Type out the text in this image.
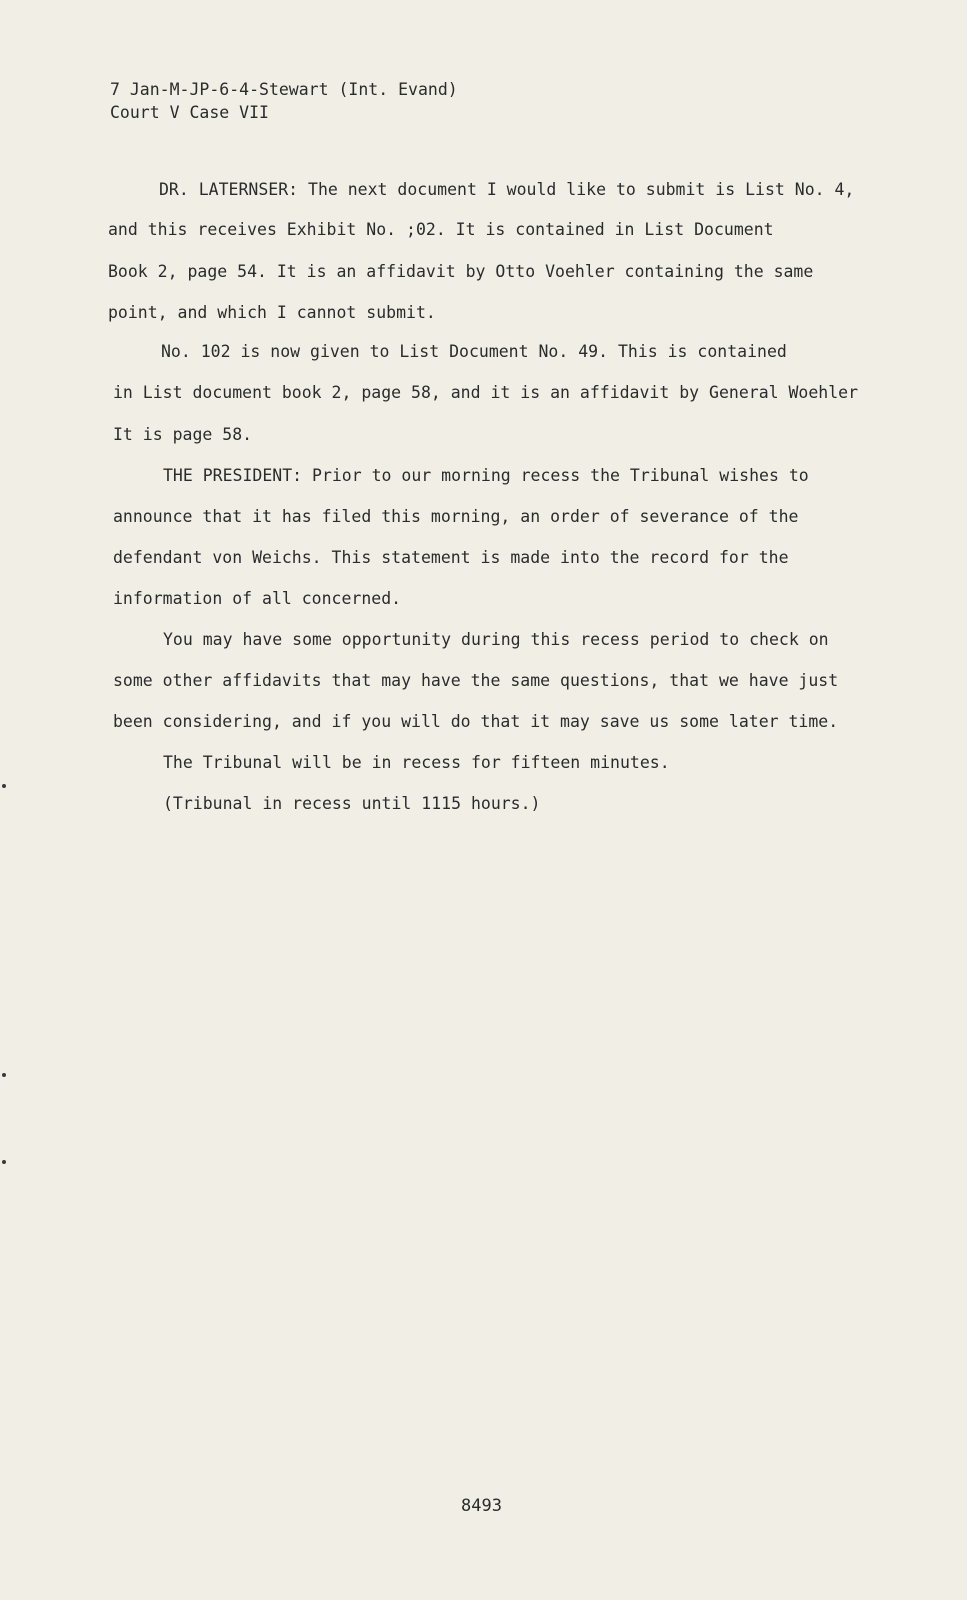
7 Jan-M-JP-6-4-Stewart (Int. Evand)
Court V Case VII
DR. LATERNSER: The next document I would like to submit is List No. 4,
and this receives Exhibit No. ;02. It is contained in List Document
Book 2, page 54. It is an affidavit by Otto Voehler containing the same
point, and which I cannot submit.
No. 102 is now given to List Document No. 49. This is contained
in List document book 2, page 58, and it is an affidavit by General Woehler
It is page 58.
THE PRESIDENT: Prior to our morning recess the Tribunal wishes to
announce that it has filed this morning, an order of severance of the
defendant von Weichs. This statement is made into the record for the
information of all concerned.
You may have some opportunity during this recess period to check on
some other affidavits that may have the same questions, that we have just
been considering, and if you will do that it may save us some later time.
The Tribunal will be in recess for fifteen minutes.
(Tribunal in recess until 1115 hours.)
8493
